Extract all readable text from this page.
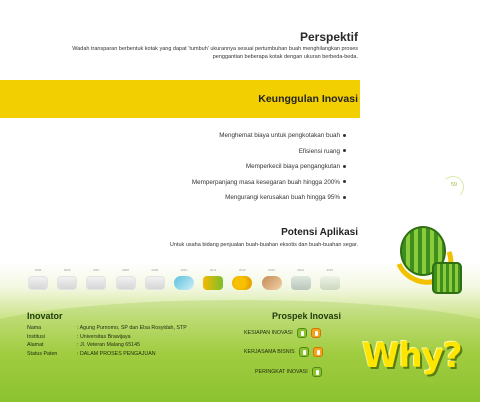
Perspektif
Wadah transparan berbentuk kotak yang dapat ‘tumbuh’ ukurannya sesuai pertumbuhan buah menghilangkan proses penggantian beberapa kotak dengan ukuran berbeda-beda.
Keunggulan Inovasi
Menghemat biaya untuk pengkotakan buah
Efisiensi ruang
Memperkecil biaya pengangkutan
Memperpanjang masa kesegaran buah hingga 200%
Mengurangi kerusakan buah hingga 95%
59
Potensi Aplikasi
Untuk usaha bidang penjualan buah-buahan eksotis dan buah-buahan segar.
2005	2006	2007	2008	2009	2010	2011	2012	2013	2014	2015
Inovator
Nama	: Agung Purnomo, SP dan Elsa Rosyidah, STP
Institusi	: Universitas Brawijaya
Alamat	: Jl. Veteran Malang 65145
Status Paten	: DALAM PROSES PENGAJUAN
Prospek Inovasi
KESIAPAN INOVASI
KERJASAMA BISNIS
PERINGKAT INOVASI Why?
